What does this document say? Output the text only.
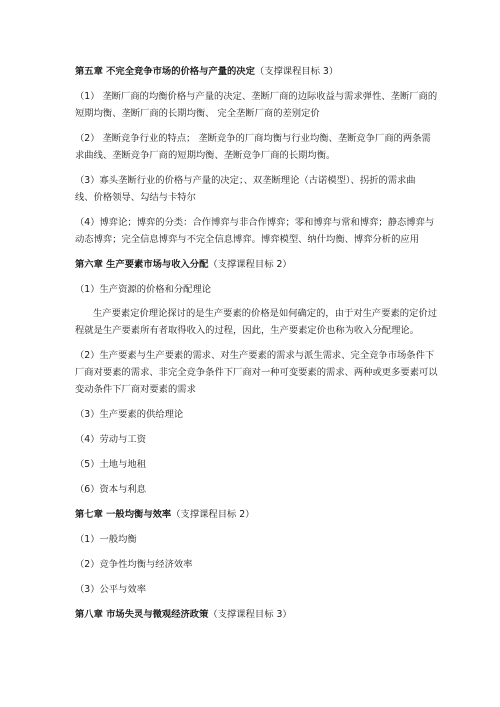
第五章 不完全竞争市场的价格与产量的决定（支撑课程目标 3）
（1） 垄断厂商的均衡价格与产量的决定、垄断厂商的边际收益与需求弹性、垄断厂商的
短期均衡、垄断厂商的长期均衡、 完全垄断厂商的差别定价
（2） 垄断竞争行业的特点； 垄断竞争的厂商均衡与行业均衡、垄断竞争厂商的两条需
求曲线、垄断竞争厂商的短期均衡、垄断竞争厂商的长期均衡。
（3）寡头垄断行业的价格与产量的决定；、双垄断理论（古诺模型）、拐折的需求曲
线、价格领导、勾结与卡特尔
（4）博弈论；博弈的分类：合作博弈与非合作博弈；零和博弈与常和博弈；静态博弈与
动态博弈；完全信息博弈与不完全信息博弈。博弈模型、纳什均衡、博弈分析的应用
第六章 生产要素市场与收入分配（支撑课程目标 2）
（1）生产资源的价格和分配理论
生产要素定价理论探讨的是生产要素的价格是如何确定的，由于对生产要素的定价过
程就是生产要素所有者取得收入的过程，因此，生产要素定价也称为收入分配理论。
（2）生产要素与生产要素的需求、对生产要素的需求与派生需求、完全竞争市场条件下
厂商对要素的需求、非完全竞争条件下厂商对一种可变要素的需求、两种或更多要素可以
变动条件下厂商对要素的需求
（3）生产要素的供给理论
（4）劳动与工资
（5）土地与地租
（6）资本与利息
第七章 一般均衡与效率（支撑课程目标 2）
（1）一般均衡
（2）竞争性均衡与经济效率
（3）公平与效率
第八章 市场失灵与微观经济政策（支撑课程目标 3）
